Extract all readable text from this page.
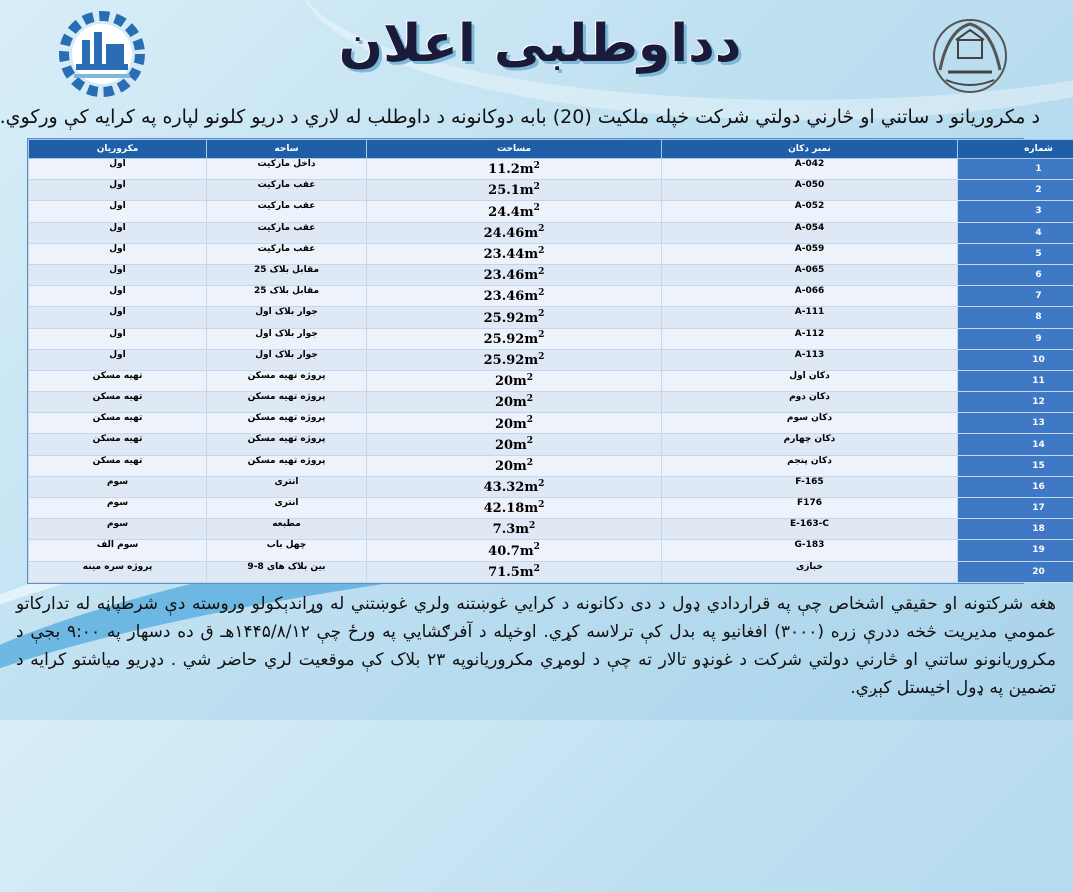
دداوطلبی اعلان
د مکروریانو د ساتني او څارني دولتي شرکت خپله ملکيت (20) بابه دوکانونه د داوطلب له لاري د دريو کلونو لپاره په کرايه کې ورکوي.
شماره	نمبر دکان	مساحت	ساحه	مکروریان
1	A-042	$11.2m^2$	داخل مارکیت	اول
2	A-050	$25.1m^2$	عقب مارکیت	اول
3	A-052	$24.4m^2$	عقب مارکیت	اول
4	A-054	$24.46m^2$	عقب مارکیت	اول
5	A-059	$23.44m^2$	عقب مارکیت	اول
6	A-065	$23.46m^2$	مقابل بلاک 25	اول
7	A-066	$23.46m^2$	مقابل بلاک 25	اول
8	A-111	$25.92m^2$	جوار بلاک اول	اول
9	A-112	$25.92m^2$	جوار بلاک اول	اول
10	A-113	$25.92m^2$	جوار بلاک اول	اول
11	دکان اول	$20m^2$	پروژه تهیه مسکن	تهیه مسکن
12	دکان دوم	$20m^2$	پروژه تهیه مسکن	تهیه مسکن
13	دکان سوم	$20m^2$	پروژه تهیه مسکن	تهیه مسکن
14	دکان چهارم	$20m^2$	پروژه تهیه مسکن	تهیه مسکن
15	دکان پنجم	$20m^2$	پروژه تهیه مسکن	تهیه مسکن
16	F-165	$43.32m^2$	انتری	سوم
17	F176	$42.18m^2$	انتری	سوم
18	E-163-C	$7.3m^2$	مطبعه	سوم
19	G-183	$40.7m^2$	چهل باب	سوم الف
20	خبازی	$71.5m^2$	بین بلاک های 8-9	پروژه سره مینه
هغه شرکتونه او حقیقي اشخاص چې په قراردادي ډول د دی دکانونه د کرايي غوښتنه ولري غوښتني له وړاندېکولو وروسته دې شرطپاڼه له تدارکاتو عمومي مديريت څخه ددرې زره (۳۰۰۰) افغانيو په بدل کې ترلاسه کړي. اوخپله د آفرګشايي په ورځ چې ۱۴۴۵/۸/۱۲هـ ق ده دسهار په ۹:۰۰ بجې د مکروريانونو ساتني او څارني دولتي شرکت د غونډو تالار ته چې د لومړي مکروريانوپه ۲۳ بلاک کې موقعيت لري حاضر شي . دډريو مياشتو کرايه د تضمين په ډول اخيستل کېږي.
